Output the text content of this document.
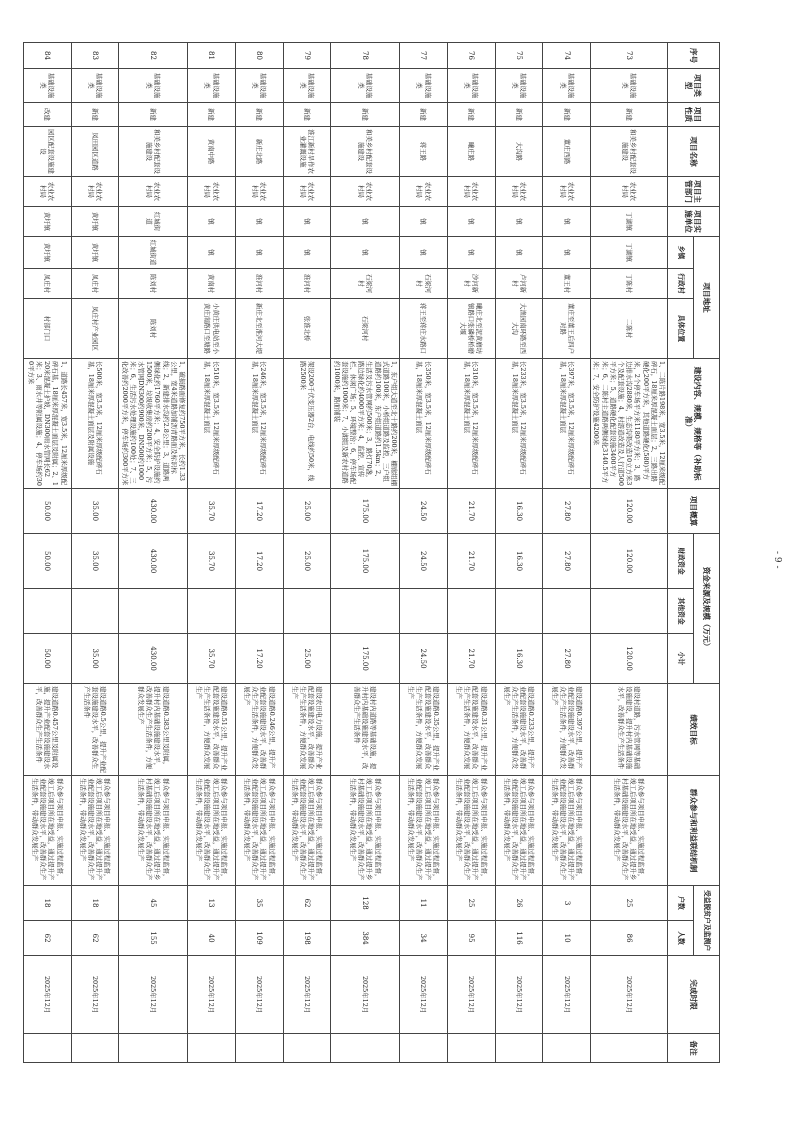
- 9 -
序号	项目类型	项目性质	项目名称	项目主管部门	项目实施单位	项目地址			建设内容、规模、规格等（补助标准）	项目概算	资金来源及规模（万元）			绩效目标	群众参与和利益联结机制	受益脱贫户及监测户		完成时限	备注
						乡镇	行政村	具体位置			财政资金	其他资金	小计			户数	人数		
73	基础设施类	新建	和美乡村配套设施建设	农业农村局	丁湖镇	丁湖镇	丁陈村	二陈村	1、二陈片路198米，宽3.5米，12厘米级配碎石，18厘米厚混凝土面层；2、三路出路硬化200平方米，其他道路硬化(580)平方米，2个停车场平方米1180平方米；3、路边排水沟2880米，生态沟渠改造10立方米3个及配套设施；4、村游道改造及人行道500平方米；5、道路硬化配套设施3400平方米；6、二陈村主道路两侧绿化3140.5平方米；7、安全防护设施4200米	120.00	120.00		120.00	建设村道路，污水管网等基础设施建设，提升村内基础设施水平，改善群众生产生活条件	群众参与项目申报、实施过程监督，竣工后项目所在地受益，通过提升乡村基础设施建设水平，改善群众生产生活条件，带动群众发展生产	25	86	2025年12月	
74	基础设施类	新建	董庄西路	农业农村局	镇	镇	董王村	董庄至董王后四户对路	长397米，宽3.5米，12厘米厚级配碎石基，18厘米厚混凝土面层	27.80	27.80		27.80	建设道路0.397公里，提升产业配套设施建设水平，改善群众生产生活条件，方便群众发展生产	群众参与项目申报、实施过程监督，竣工后项目所在地受益，通过提升产业配套设施建设水平，改善群众生产生活条件，带动群众发展生产	3	10	2025年12月	
75	基础设施类	新建	大沟路	农业农村局	镇	镇	卢河新村	大渔园南环路至西大沟	长233米，宽3.5米，12厘米厚级配碎石基，18厘米厚混凝土面层	16.30	16.30		16.30	建设道路0.233公里，提升产业配套设施建设水平，改善群众生产生活条件，方便群众发展生产	群众参与项目申报、实施过程监督，竣工后项目所在地受益，通过提升产业配套设施建设水平，改善群众生产生活条件，带动群众发展生产	26	116	2025年12月	
76	基础设施类	新建	曦庄路	农业农村局	镇	镇	沙河新村	曦庄北至泥黄磨坊镇路口张磷桥桥磨大堰	长310米，宽3.5米，12厘米厚级配碎石基，18厘米厚混凝土面层	21.70	21.70		21.70	建设道路0.31公里，提升产业配套设施建设水平，改善群众生产生活条件，方便群众发展生产	群众参与项目申报、实施过程监督，竣工后项目所在地受益，通过提升产业配套设施建设水平，改善群众生产生活条件，带动群众发展生产	25	95	2025年12月	
77	基础设施类	新建	蒋王路	农业农村局	镇	镇	石梁河村	蒋王至蒋庄水路口	长350米，宽3.5米，12厘米厚级配碎石基，18厘米厚混凝土面层	24.50	24.50		24.50	建设道路0.35公里，提升产业配套设施建设水平，改善群众生产生活条件，方便群众发展生产	群众参与项目申报、实施过程监督，竣工后项目所在地受益，通过提升产业配套设施建设水平，改善群众生产生活条件，带动群众发展生产	11	34	2025年12月	
78	基础设施类	新建	和美乡村配套设施建设	农业农村局	镇	镇	石梁河村	石梁河村	1、东户组大道至北十路约200米，棚廊组棚式道路100米，小桥组道路及监控，三户组道路约100米，东户组道路约1.5km；2、生活及污水管网约500米；3、路灯70盏，路边绿化约4000平方米；4、监控、宣传栏、休闲广场；5、环境整治；6、停车场配套设施约1000米；7、小湖组及新农村道路约1000米，路面铺装	175.00	175.00		175.00	建设村内道路等基础设施，提升村内基础设施建设水平，改善群众生产生活条件	群众参与项目申报、实施过程监督，竣工后项目所在地受益，通过提升乡村基础设施建设水平，改善群众生产生活条件，带动群众发展生产	128	384	2025年12月	
79	基础设施类	新建	淮江新村旱作农业灌溉设施	农业农村局	镇	镇	淮河村	张淮北桥	架设200千伏变压器2台，电线约50米，线路2500米	25.00	25.00		25.00	建设农田电力设施，提升产业配套设施建设水平，改善群众生产生活条件，方便群众发展生产	群众参与项目申报、实施过程监督，竣工后项目所在地受益，通过提升产业配套设施建设水平，改善群众生产生活条件，带动群众发展生产	62	198	2025年12月	
80	基础设施类	新建	新庄北路	农业农村局	镇	镇	淮河村	新庄北至淮河大堤	长246米，宽3.5米，12厘米厚级配碎石基，18厘米厚混凝土面层	17.20	17.20		17.20	建设道路0.246公里，提升产业配套设施建设水平，改善群众生产生活条件，方便群众发展生产	群众参与项目申报、实施过程监督，竣工后项目所在地受益，通过提升产业配套设施建设水平，改善群众生产生活条件，带动群众发展生产	35	109	2025年12月	
81	基础设施类	新建	黄南中路	农业农村局	镇	镇	黄南村	小黄庄供电站至小黄庄南路口至塘路	长510米，宽3.5米，12厘米厚级配碎石基，18厘米厚混凝土面层	35.70	35.70		35.70	建设道路0.51公里，提升产业配套设施建设水平，改善群众生产生活条件，方便群众发展生产	群众参与项目申报、实施过程监督，竣工后项目所在地受益，通过提升产业配套设施建设水平，改善群众生产生活条件，带动群众发展生产	13	40	2025年12月	
82	基础设施类	新建	和美乡村配套设施建设	农业农村局	红城街道	红城街道	陈刘村	陈刘村	1、破损路面修复约750平方米，长约1.33公里，宽4米道路加铺沥青路面及标识标线；2、新建排水沟约2.8公里；3、道路两侧绿化约1760平方米；4、安全防护设施约1500米，垃圾收集房约200平方米；5、污水管网DN300约900米，DN500约1000米；6、生活污水处理设施约100处；7、三化改善约2000平方米，停车场约300平方米	430.00	430.00		430.00	建设道路0.383公里及附属，提升村内基础设施建设水平，改善群众生产生活条件，方便群众发展生产	群众参与项目申报、实施过程监督，竣工后项目所在地受益，通过提升乡村基础设施建设水平，改善群众生产生活条件，带动群众发展生产	45	155	2025年12月	
83	基础设施类	新建	凤田园区道路	农业农村局	黄圩镇	黄圩镇	凤庄村	凤庄村产业园区	长500米，宽3.5米，12厘米厚级配碎石基，18厘米厚混凝土面层及附属设施	35.00	35.00		35.00	建设道路0.5公里，提升产业配套设施建设水平，改善群众生产生活条件	群众参与项目申报、实施过程监督，竣工后项目所在地受益，通过提升产业配套设施建设水平，改善群众生产生活条件，带动群众发展生产	18	62	2025年12月	
84	基础设施类	改建	园区配套设施建设	农业农村局	黄圩镇	黄圩镇	凤庄村	村部门口	1、道路长457米，宽3.5米，12厘米厚级配碎石基，18厘米厚混凝土面层及附属；2、120米混凝土护坡，DN300雨水管网长62米；3、雨水井等附属设施；4、停车场约300平方米	50.00	50.00		50.00	建设道路0.457公里及附属设施，提升产业配套设施建设水平，改善群众生产生活条件	群众参与项目申报、实施过程监督，竣工后项目所在地受益，通过提升产业配套设施建设水平，改善群众生产生活条件，带动群众发展生产	18	62	2025年12月	
